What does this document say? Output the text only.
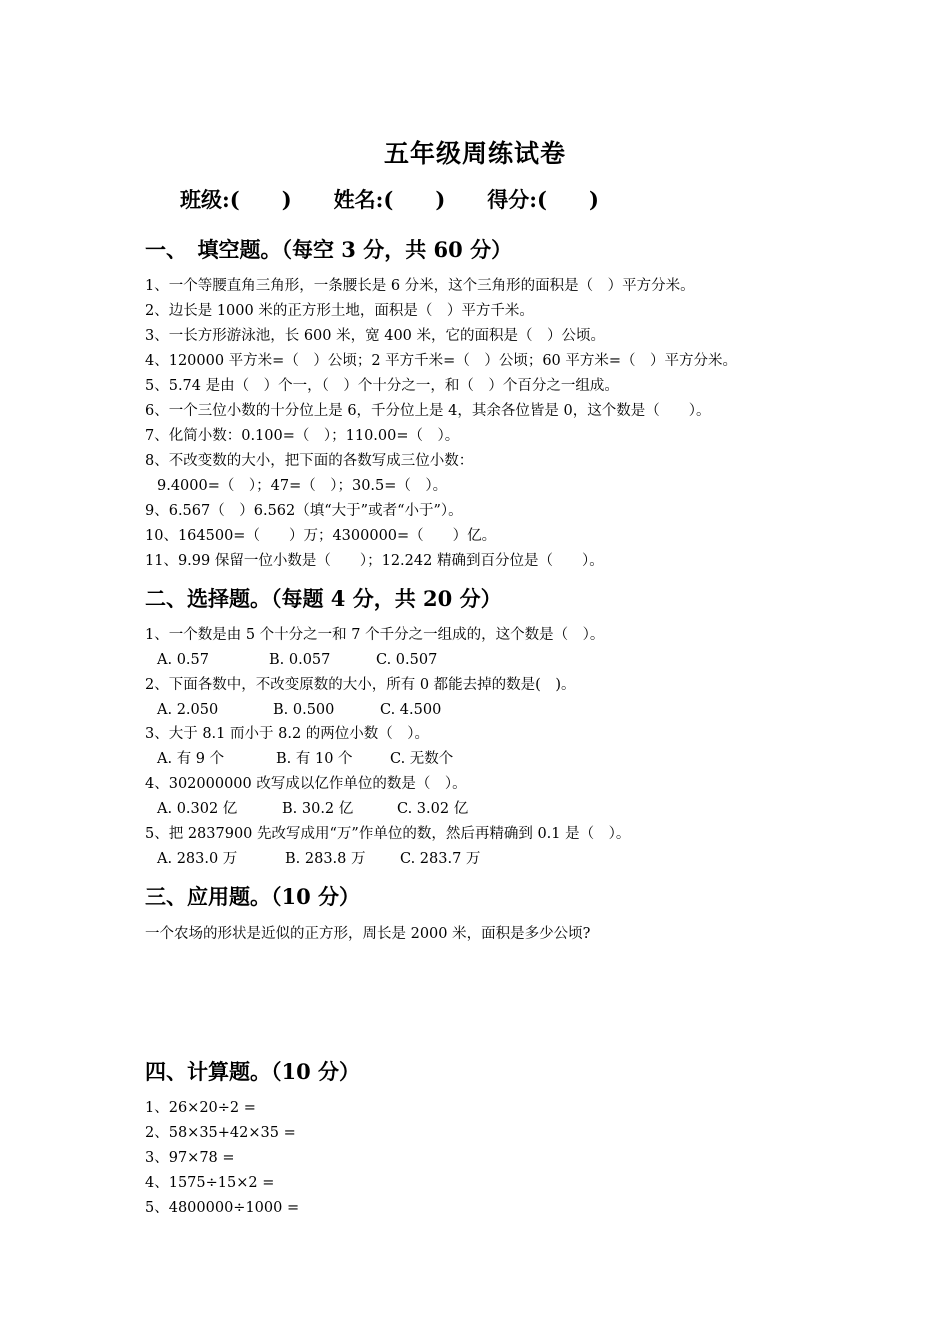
五年级周练试卷
班级:(　　) 姓名:(　　) 得分:(　　)
一、　填空题。（每空 3 分，共 60 分）
1、一个等腰直角三角形，一条腰长是 6 分米，这个三角形的面积是（　）平方分米。
2、边长是 1000 米的正方形土地，面积是（　）平方千米。
3、一长方形游泳池，长 600 米，宽 400 米，它的面积是（　）公顷。
4、120000 平方米=（　）公顷；2 平方千米=（　）公顷；60 平方米=（　）平方分米。
5、5.74 是由（　）个一，（　）个十分之一，和（　）个百分之一组成。
6、一个三位小数的十分位上是 6，千分位上是 4，其余各位皆是 0，这个数是（　　）。
7、化简小数：0.100=（　）；110.00=（　）。
8、不改变数的大小，把下面的各数写成三位小数：
9.4000=（　）；47=（　）；30.5=（　）。
9、6.567（　）6.562（填“大于”或者“小于”）。
10、164500=（　　）万；4300000=（　　）亿。
11、9.99 保留一位小数是（　　）；12.242 精确到百分位是（　　）。
二、选择题。（每题 4 分，共 20 分）
1、一个数是由 5 个十分之一和 7 个千分之一组成的，这个数是（　）。
A. 0.57	B. 0.057	C. 0.507
2、下面各数中，不改变原数的大小，所有 0 都能去掉的数是(　)。
A. 2.050	B. 0.500	C. 4.500
3、大于 8.1 而小于 8.2 的两位小数（　）。
A. 有 9 个	B. 有 10 个	C. 无数个
4、302000000 改写成以亿作单位的数是（　）。
A. 0.302 亿	B. 30.2 亿	C. 3.02 亿
5、把 2837900 先改写成用“万”作单位的数，然后再精确到 0.1 是（　）。
A. 283.0 万	B. 283.8 万 C. 283.7 万
三、应用题。（10 分）
一个农场的形状是近似的正方形，周长是 2000 米，面积是多少公顷?
四、计算题。（10 分）
1、26×20÷2 =
2、58×35+42×35 =
3、97×78 =
4、1575÷15×2 =
5、4800000÷1000 =
